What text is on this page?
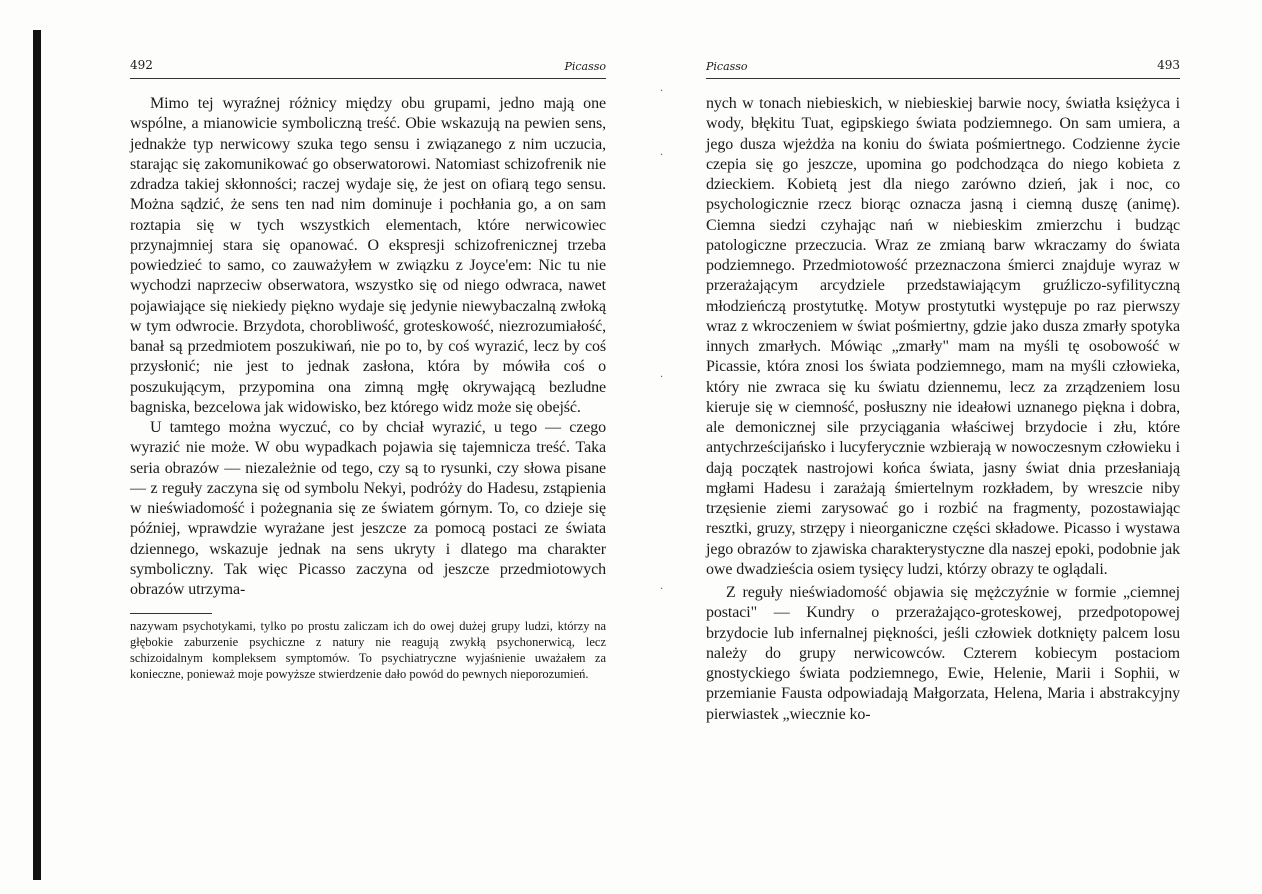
492	Picasso

Mimo tej wyraźnej różnicy między obu grupami, jedno mają one wspólne, a mianowicie symboliczną treść. Obie wskazują na pewien sens, jednakże typ nerwicowy szuka tego sensu i związanego z nim uczucia, starając się zakomunikować go obserwatorowi. Natomiast schizofrenik nie zdradza takiej skłonności; raczej wydaje się, że jest on ofiarą tego sensu. Można sądzić, że sens ten nad nim dominuje i pochłania go, a on sam roztapia się w tych wszystkich elementach, które nerwicowiec przynajmniej stara się opanować. O ekspresji schizofrenicznej trzeba powiedzieć to samo, co zauważyłem w związku z Joyce'em: Nic tu nie wychodzi naprzeciw obserwatora, wszystko się od niego odwraca, nawet pojawiające się niekiedy piękno wydaje się jedynie niewybaczalną zwłoką w tym odwrocie. Brzydota, chorobliwość, groteskowość, niezrozumiałość, banał są przedmiotem poszukiwań, nie po to, by coś wyrazić, lecz by coś przysłonić; nie jest to jednak zasłona, która by mówiła coś o poszukującym, przypomina ona zimną mgłę okrywającą bezludne bagniska, bezcelowa jak widowisko, bez którego widz może się obejść.

U tamtego można wyczuć, co by chciał wyrazić, u tego — czego wyrazić nie może. W obu wypadkach pojawia się tajemnicza treść. Taka seria obrazów — niezależnie od tego, czy są to rysunki, czy słowa pisane — z reguły zaczyna się od symbolu Nekyi, podróży do Hadesu, zstąpienia w nieświadomość i pożegnania się ze światem górnym. To, co dzieje się później, wprawdzie wyrażane jest jeszcze za pomocą postaci ze świata dziennego, wskazuje jednak na sens ukryty i dlatego ma charakter symboliczny. Tak więc Picasso zaczyna od jeszcze przedmiotowych obrazów utrzyma-

nazywam psychotykami, tylko po prostu zaliczam ich do owej dużej grupy ludzi, którzy na głębokie zaburzenie psychiczne z natury nie reagują zwykłą psychonerwicą, lecz schizoidalnym kompleksem symptomów. To psychiatryczne wyjaśnienie uważałem za konieczne, ponieważ moje powyższe stwierdzenie dało powód do pewnych nieporozumień.
·
·
·
·
Picasso	493

nych w tonach niebieskich, w niebieskiej barwie nocy, światła księżyca i wody, błękitu Tuat, egipskiego świata podziemnego. On sam umiera, a jego dusza wjeżdża na koniu do świata pośmiertnego. Codzienne życie czepia się go jeszcze, upomina go podchodząca do niego kobieta z dzieckiem. Kobietą jest dla niego zarówno dzień, jak i noc, co psychologicznie rzecz biorąc oznacza jasną i ciemną duszę (animę). Ciemna siedzi czyhając nań w niebieskim zmierzchu i budząc patologiczne przeczucia. Wraz ze zmianą barw wkraczamy do świata podziemnego. Przedmiotowość przeznaczona śmierci znajduje wyraz w przerażającym arcydziele przedstawiającym gruźliczo-syfilityczną młodzieńczą prostytutkę. Motyw prostytutki występuje po raz pierwszy wraz z wkroczeniem w świat pośmiertny, gdzie jako dusza zmarły spotyka innych zmarłych. Mówiąc „zmarły" mam na myśli tę osobowość w Picassie, która znosi los świata podziemnego, mam na myśli człowieka, który nie zwraca się ku światu dziennemu, lecz za zrządzeniem losu kieruje się w ciemność, posłuszny nie ideałowi uznanego piękna i dobra, ale demonicznej sile przyciągania właściwej brzydocie i złu, które antychrześcijańsko i lucyferycznie wzbierają w nowoczesnym człowieku i dają początek nastrojowi końca świata, jasny świat dnia przesłaniają mgłami Hadesu i zarażają śmiertelnym rozkładem, by wreszcie niby trzęsienie ziemi zarysować go i rozbić na fragmenty, pozostawiając resztki, gruzy, strzępy i nieorganiczne części składowe. Picasso i wystawa jego obrazów to zjawiska charakterystyczne dla naszej epoki, podobnie jak owe dwadzieścia osiem tysięcy ludzi, którzy obrazy te oglądali.

Z reguły nieświadomość objawia się mężczyźnie w formie „ciemnej postaci" — Kundry o przerażająco-groteskowej, przedpotopowej brzydocie lub infernalnej piękności, jeśli człowiek dotknięty palcem losu należy do grupy nerwicowców. Czterem kobiecym postaciom gnostyckiego świata podziemnego, Ewie, Helenie, Marii i Sophii, w przemianie Fausta odpowiadają Małgorzata, Helena, Maria i abstrakcyjny pierwiastek „wiecznie ko-
